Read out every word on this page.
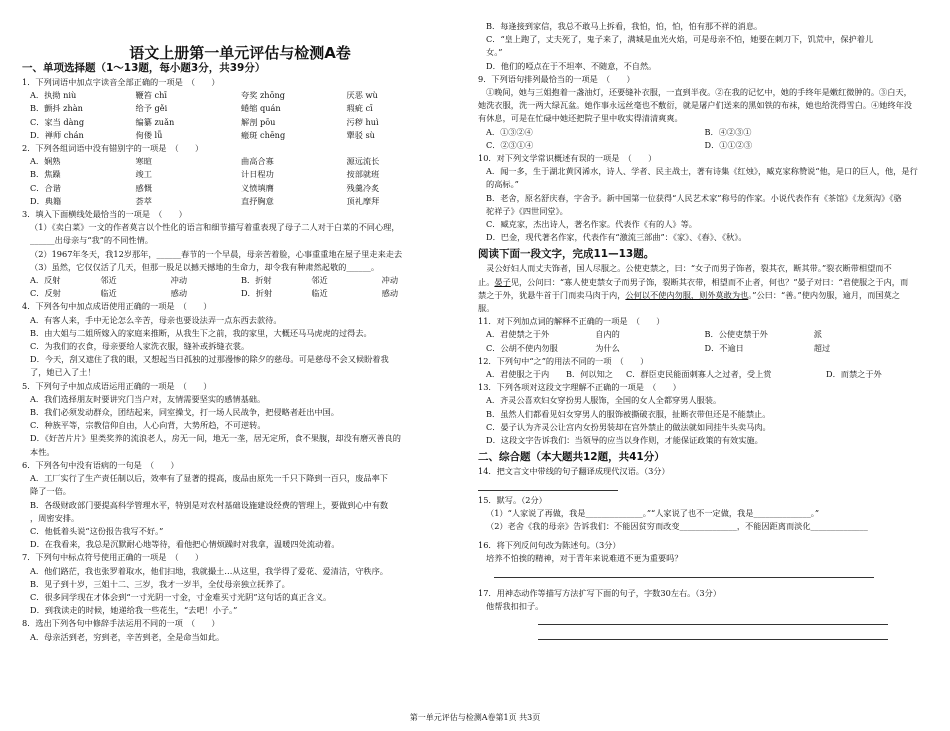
语文上册第一单元评估与检测A卷
一、单项选择题（1～13题，每小题3分，共39分）
1．下列词语中加点字读音全部正确的一项是　（　　）
A．执拗 niù	鞭笞 chī	夸奖 zhōng	厌恶 wù
B．颤抖 zhàn	给予 gěi	蜷缩 quán	瑕疵 cī
C．家当 dàng	编纂 zuǎn	解剖 pōu	污秽 huì
D．禅师 chán	佝偻 lǚ	瘢斑 chēng	犟驳 sù
2．下列各组词语中没有错别字的一项是　（　　）
A．娴熟	寒暄	曲高合寡	源远流长
B．焦躁	竣工	计日程功	按部就班
C．合谐	感慨	义愤填膺	残羹冷炙
D．典籍	荟萃	直抒胸意	顶礼摩拜
3．填入下面横线处最恰当的一项是　（　　）
（1）《卖白菜》一文的作者莫言以个性化的语言和细节描写着重表现了母子二人对于白菜的不同心理，
______出母亲与“我”的不同性情。
（2）1967年冬天，我12岁那年，______春节的一个早晨，母亲苦着脸，心事重重地在屋子里走来走去
（3）虽然，它仅仅活了几天，但那一股足以撼天撼地的生命力，却令我有种肃然起敬的______。
A．反射	邻近	冲动	B．折射	邻近	冲动
C．反射	临近	感动	D．折射	临近	感动
4．下列各句中加点成语使用正确的一项是　（　　）
A．有客人来，手中无论怎么辛苦，母亲也要设法弄一点东西去款待。
B．由大姐与二姐所嫁入的家庭来推断，从我生下之前，我的家里，大概还马马虎虎的过得去。
C．为我们的衣食，母亲要给人家洗衣服，缝补或拆缝衣裳。
D．今天，刮又遮住了我的眼，又想起当日孤独的过那漫惨的除夕的慈母。可是慈母不会又候盼着我
了，她已入了土！
5．下列句子中加点成语运用正确的一项是　（　　）
A．我们选择朋友时要讲究门当户对，友情需要坚实的感情基础。
B．我们必须发动群众，团结起来，同室操戈，打一场人民战争，把侵略者赶出中国。
C．种族平等，宗教信仰自由，人心向背，大势所趋，不可逆转。
D．《好苦片片》里类奖养的流浪老人，房无一间，地无一垄，居无定所，食不果腹，却没有磨灭善良的
本性。
6．下列各句中没有语病的一句是　（　　）
A．工厂实行了生产责任制以后，效率有了显著的提高，废品由原先一千只下降到一百只，废品率下
降了一倍。
B．各级财政部门要提高科学管理水平，特别是对农村基础设施建设经费的管理上，要做到心中有数
，周密安排。
C．他低着头说“这份报告我写不好。”
D．在我看来，我总是沉默耐心地等待，看他把心情烦躁时对我拿，温暖四处流动着。
7．下列句中标点符号使用正确的一项是　（　　）
A．他们路茫，我也张罗着取水，他们扫地，我就撮土…从这里，我学得了爱花、爱清洁，守秩序。
B．见子到十岁，三姐十二、三岁，我才一岁半，全仗母亲独立抚养了。
C．很多同学现在才体会到“一寸光阴一寸金，寸金难买寸光阴”这句话的真正含义。
D．到我读走的时候，她递给我一些花生，“去吧！小子。”
8．选出下列各句中修辞手法运用不同的一项　（　　）
A．母亲活到老，穷到老，辛苦到老，全是命当如此。
B．每逢接到家信，我总不敢马上拆看，我怕，怕，怕，怕有那不祥的消息。
C．“皇上跑了，丈夫死了，鬼子来了，满城是血光火焰，可是母亲不怕，她要在刺刀下，饥荒中，保护着儿
女。”
D．他们的啞点在于不坦率、不随意，不自然。
9．下列语句排列最恰当的一项是　（　　）
①晚间，她与三姐抱着一盏油灯，还要缝补衣服，一直到半夜。②在我的记忆中，她的手终年是嫩红微肿的。③白天，
她洗衣服，洗一两大绿瓦盆。她作事永远丝毫也不敷衍，就是屠户们送来的黑如铁的布袜，她也给洗得雪白。④她终年没
有休息，可是在忙碌中她还把院子里中收实得清清爽爽。
A．①③②④	B．④②③①
C．②③①④	D．①①②③
10．对下列文学常识概述有误的一项是　（　　）
A．闻一多，生于湖北黄冈浠水，诗人、学者、民主战士，著有诗集《红烛》，臧克家称赞说“他，是口的巨人，他，是行
的高标。”
B．老舍，原名舒庆春，字舍予。新中国第一位获得“人民艺术家”称号的作家。小说代表作有《茶馆》《龙须沟》《骆
驼祥子》《四世同堂》。
C．臧克家，杰出诗人，著名作家。代表作《有的人》等。
D．巴金，现代著名作家，代表作有“激流三部曲”：《家》、《春》、《秋》。
阅读下面一段文字，完成11—13题。
　灵公好妇人而丈夫饰者，国人尽服之。公使吏禁之，曰：“女子而男子饰者，裂其衣，断其带。”裂衣断带相望而不
止。晏子见，公问曰：“寡人使吏禁女子而男子饰，裂断其衣带，相望而不止者，何也？”晏子对曰：“君使服之于内，而
禁之于外，犹悬牛首于门而卖马肉于内，公何以不使内勿服，则外莫敢为也。”公曰：“善。”使内勿服，逾月，而国莫之
服。
11．对下列加点词的解释不正确的一项是　（　　）
A．君使禁之于外	自内的	B．公使吏禁于外	派
C．公胡不使内勿服	为什么	D．不逾日	超过
12．下列句中“之”的用法不同的一项　（　　）
A．君使服之于内	B．何以知之	C．群臣吏民能面刺寡人之过者，受上赏	D．而禁之于外
13．下列各项对这段文字理解不正确的一项是　（　　）
A．齐灵公喜欢妇女穿扮男人服饰，全国的女人全都穿男人服装。
B．虽然人们都看见妇女穿男人的服饰被撕破衣服，扯断衣带但还是不能禁止。
C．晏子认为齐灵公让宫内女扮男装却在宫外禁止的做法就如同挂牛头卖马肉。
D．这段文字告诉我们：当领导的应当以身作则，才能保证政策的有效实施。
二、综合题（本大题共12题，共41分）
14．把文言文中带线的句子翻译成现代汉语。（3分）
15．默写。（2分）
（1）“人家说了再做，我是______________。”“人家说了也不一定做，我是______________。”
（2）老舍《我的母亲》告诉我们：不能因贫穷而改变______________，不能因距离而淡化______________
16．将下列反问句改为陈述句。（3分）
培养不怕挨的精神，对于青年来说难道不更为重要吗？
17．用神态动作等描写方法扩写下面的句子，字数30左右。（3分）
他帮我扣扣子。
第一单元评估与检测A卷第1页 共3页
